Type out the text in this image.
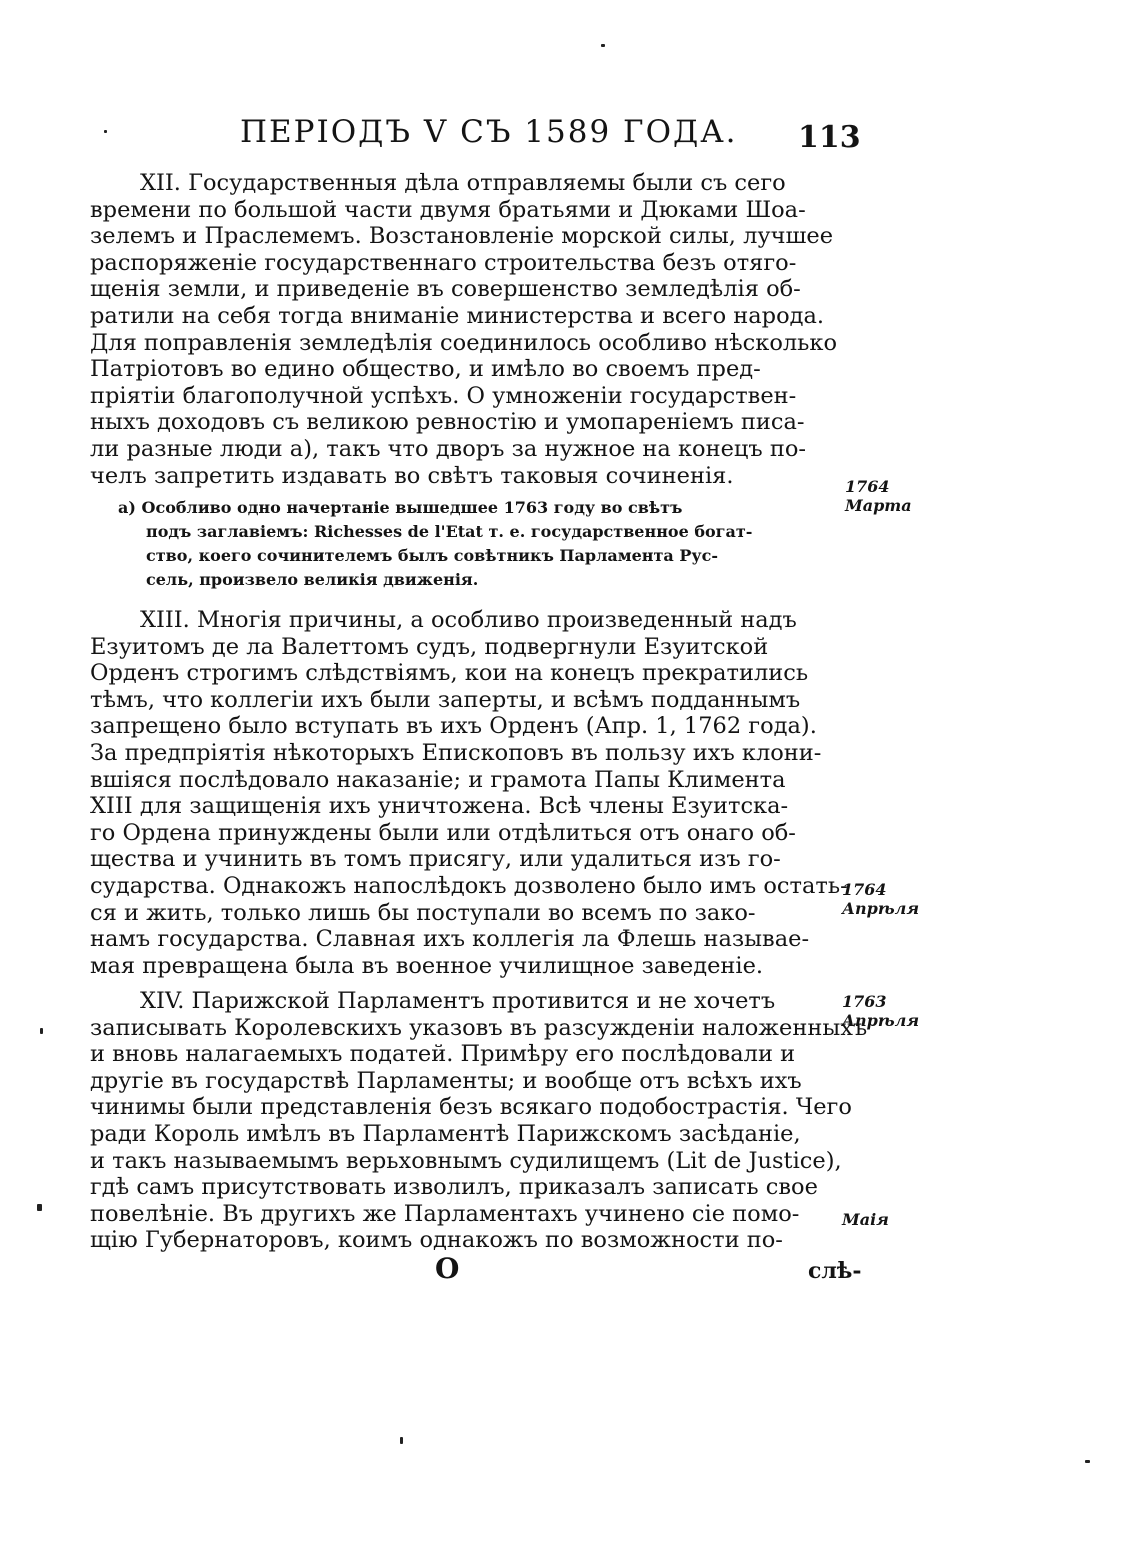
ПЕРIОДЪ V СЪ 1589 ГОДА. 113
XII. Государственныя дѣла отправляемы были съ сего
времени по большой части двумя братьями и Дюками Шоа-
зелемъ и Праслемемъ. Возстановленiе морской силы, лучшее
распоряженiе государственнаго строительства безъ отяго-
щенiя земли, и приведенiе въ совершенство земледѣлiя об-
ратили на себя тогда вниманiе министерства и всего народа.
Для поправленiя земледѣлiя соединилось особливо нѣсколько
Патрiотовъ во едино общество, и имѣло во своемъ пред-
прiятiи благополучной успѣхъ. О умноженiи государствен-
ныхъ доходовъ съ великою ревностiю и умопаренiемъ писа-
ли разные люди а), такъ что дворъ за нужное на конецъ по-
челъ запретить издавать во свѣтъ таковыя сочиненiя.
а) Особливо одно начертанiе вышедшее 1763 году во свѣтъ
подъ заглавiемъ: Richesses de l'Etat т. е. государственное богат-
ство, коего сочинителемъ былъ совѣтникъ Парламента Рус-
сель, произвело великiя движенiя.
XIII. Многiя причины, а особливо произведенный надъ
Езуитомъ де ла Валеттомъ судъ, подвергнули Езуитской
Орденъ строгимъ слѣдствiямъ, кои на конецъ прекратились
тѣмъ, что коллегiи ихъ были заперты, и всѣмъ подданнымъ
запрещено было вступать въ ихъ Орденъ (Апр. 1, 1762 года).
За предпрiятiя нѣкоторыхъ Епископовъ въ пользу ихъ клони-
вшiяся послѣдовало наказанiе; и грамота Папы Климента
XIII для защищенiя ихъ уничтожена. Всѣ члены Езуитска-
го Ордена принуждены были или отдѣлиться отъ онаго об-
щества и учинить въ томъ присягу, или удалиться изъ го-
сударства. Однакожъ напослѣдокъ дозволено было имъ остать-
ся и жить, только лишь бы поступали во всемъ по зако-
намъ государства. Славная ихъ коллегiя ла Флешь называе-
мая превращена была въ военное училищное заведенiе.
XIV. Парижской Парламентъ противится и не хочетъ
записывать Королевскихъ указовъ въ разсужденiи наложенныхъ
и вновь налагаемыхъ податей. Примѣру его послѣдовали и
другiе въ государствѣ Парламенты; и вообще отъ всѣхъ ихъ
чинимы были представленiя безъ всякаго подобострастiя. Чего
ради Король имѣлъ въ Парламентѣ Парижскомъ засѣданiе,
и такъ называемымъ верьховнымъ судилищемъ (Lit de Justice),
гдѣ самъ присутствовать изволилъ, приказалъ записать свое
повелѣнiе. Въ другихъ же Парламентахъ учинено сiе помо-
щiю Губернаторовъ, коимъ однакожъ по возможности по-
1764
Марта
1764
Апрѣля
1763
Апрѣля
Маiя
O	слѣ-
